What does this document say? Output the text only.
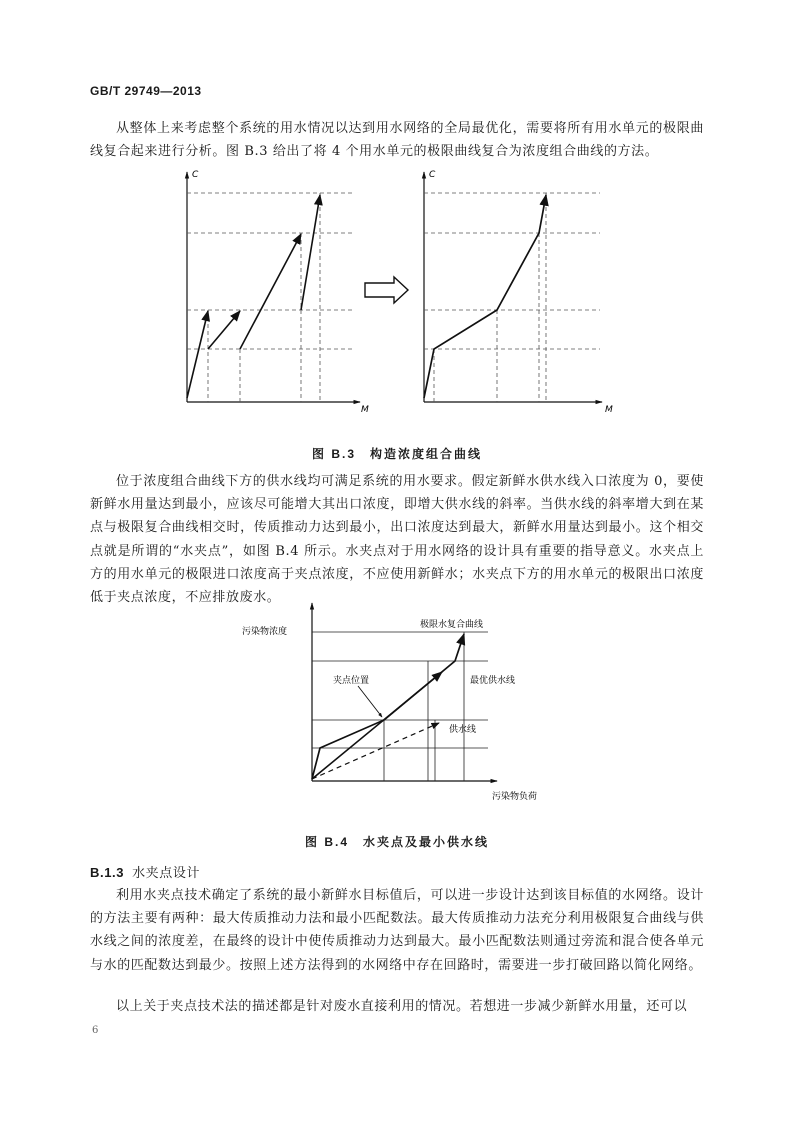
GB/T 29749—2013

从整体上来考虑整个系统的用水情况以达到用水网络的全局最优化，需要将所有用水单元的极限曲线复合起来进行分析。图 B.3 给出了将 4 个用水单元的极限曲线复合为浓度组合曲线的方法。

C
M
C
M
图 B.3　构造浓度组合曲线

位于浓度组合曲线下方的供水线均可满足系统的用水要求。假定新鲜水供水线入口浓度为 0，要使新鲜水用量达到最小，应该尽可能增大其出口浓度，即增大供水线的斜率。当供水线的斜率增大到在某点与极限复合曲线相交时，传质推动力达到最小，出口浓度达到最大，新鲜水用量达到最小。这个相交点就是所谓的“水夹点”，如图 B.4 所示。水夹点对于用水网络的设计具有重要的指导意义。水夹点上方的用水单元的极限进口浓度高于夹点浓度，不应使用新鲜水；水夹点下方的用水单元的极限出口浓度低于夹点浓度，不应排放废水。

污染物浓度
污染物负荷
极限水复合曲线
最优供水线
夹点位置
供水线
图 B.4　水夹点及最小供水线
B.1.3 水夹点设计

利用水夹点技术确定了系统的最小新鲜水目标值后，可以进一步设计达到该目标值的水网络。设计的方法主要有两种：最大传质推动力法和最小匹配数法。最大传质推动力法充分利用极限复合曲线与供水线之间的浓度差，在最终的设计中使传质推动力达到最大。最小匹配数法则通过旁流和混合使各单元与水的匹配数达到最少。按照上述方法得到的水网络中存在回路时，需要进一步打破回路以简化网络。

以上关于夹点技术法的描述都是针对废水直接利用的情况。若想进一步减少新鲜水用量，还可以

6
